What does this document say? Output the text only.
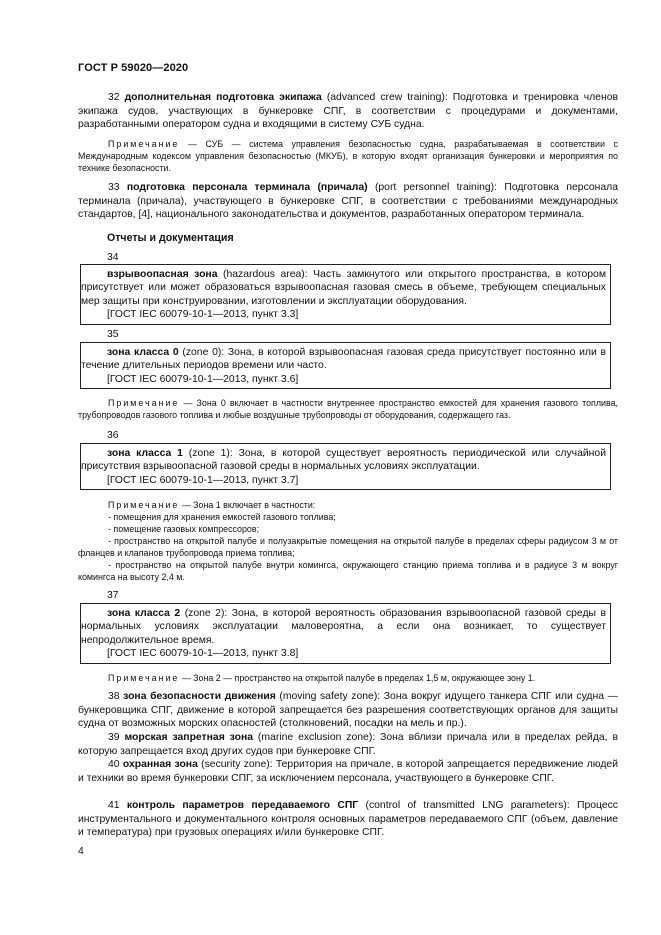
ГОСТ Р 59020—2020

32 дополнительная подготовка экипажа (advanced crew training): Подготовка и тренировка членов экипажа судов, участвующих в бункеровке СПГ, в соответствии с процедурами и документами, разработанными оператором судна и входящими в систему СУБ судна.

Примечание — СУБ — система управления безопасностью судна, разрабатываемая в соответствии с Международным кодексом управления безопасностью (МКУБ), в которую входят организация бункеровки и мероприятия по технике безопасности.

33 подготовка персонала терминала (причала) (port personnel training): Подготовка персонала терминала (причала), участвующего в бункеровке СПГ, в соответствии с требованиями международных стандартов, [4], национального законодательства и документов, разработанных оператором терминала.

Отчеты и документация
34

взрывоопасная зона (hazardous area): Часть замкнутого или открытого пространства, в котором присутствует или может образоваться взрывоопасная газовая смесь в объеме, требующем специальных мер защиты при конструировании, изготовлении и эксплуатации оборудования.

[ГОСТ IEC 60079-10-1—2013, пункт 3.3]

35

зона класса 0 (zone 0): Зона, в которой взрывоопасная газовая среда присутствует постоянно или в течение длительных периодов времени или часто.

[ГОСТ IEC 60079-10-1—2013, пункт 3.6]

Примечание — Зона 0 включает в частности внутреннее пространство емкостей для хранения газового топлива, трубопроводов газового топлива и любые воздушные трубопроводы от оборудования, содержащего газ.

36

зона класса 1 (zone 1): Зона, в которой существует вероятность периодической или случайной присутствия взрывоопасной газовой среды в нормальных условиях эксплуатации.

[ГОСТ IEC 60079-10-1—2013, пункт 3.7]

Примечание — Зона 1 включает в частности:
- помещения для хранения емкостей газового топлива;
- помещение газовых компрессоров;
- пространство на открытой палубе и полузакрытые помещения на открытой палубе в пределах сферы радиусом 3 м от фланцев и клапанов трубопровода приема топлива;
- пространство на открытой палубе внутри комингса, окружающего станцию приема топлива и в радиусе 3 м вокруг комингса на высоту 2,4 м.
37

зона класса 2 (zone 2): Зона, в которой вероятность образования взрывоопасной газовой среды в нормальных условиях эксплуатации маловероятна, а если она возникает, то существует непродолжительное время.

[ГОСТ IEC 60079-10-1—2013, пункт 3.8]

Примечание — Зона 2 — пространство на открытой палубе в пределах 1,5 м, окружающее зону 1.

38 зона безопасности движения (moving safety zone): Зона вокруг идущего танкера СПГ или судна — бункеровщика СПГ, движение в которой запрещается без разрешения соответствующих органов для защиты судна от возможных морских опасностей (столкновений, посадки на мель и пр.).

39 морская запретная зона (marine exclusion zone): Зона вблизи причала или в пределах рейда, в которую запрещается вход других судов при бункеровке СПГ.

40 охранная зона (security zone): Территория на причале, в которой запрещается передвижение людей и техники во время бункеровки СПГ, за исключением персонала, участвующего в бункеровке СПГ.

41 контроль параметров передаваемого СПГ (control of transmitted LNG parameters): Процесс инструментального и документального контроля основных параметров передаваемого СПГ (объем, давление и температура) при грузовых операциях и/или бункеровке СПГ.

4
